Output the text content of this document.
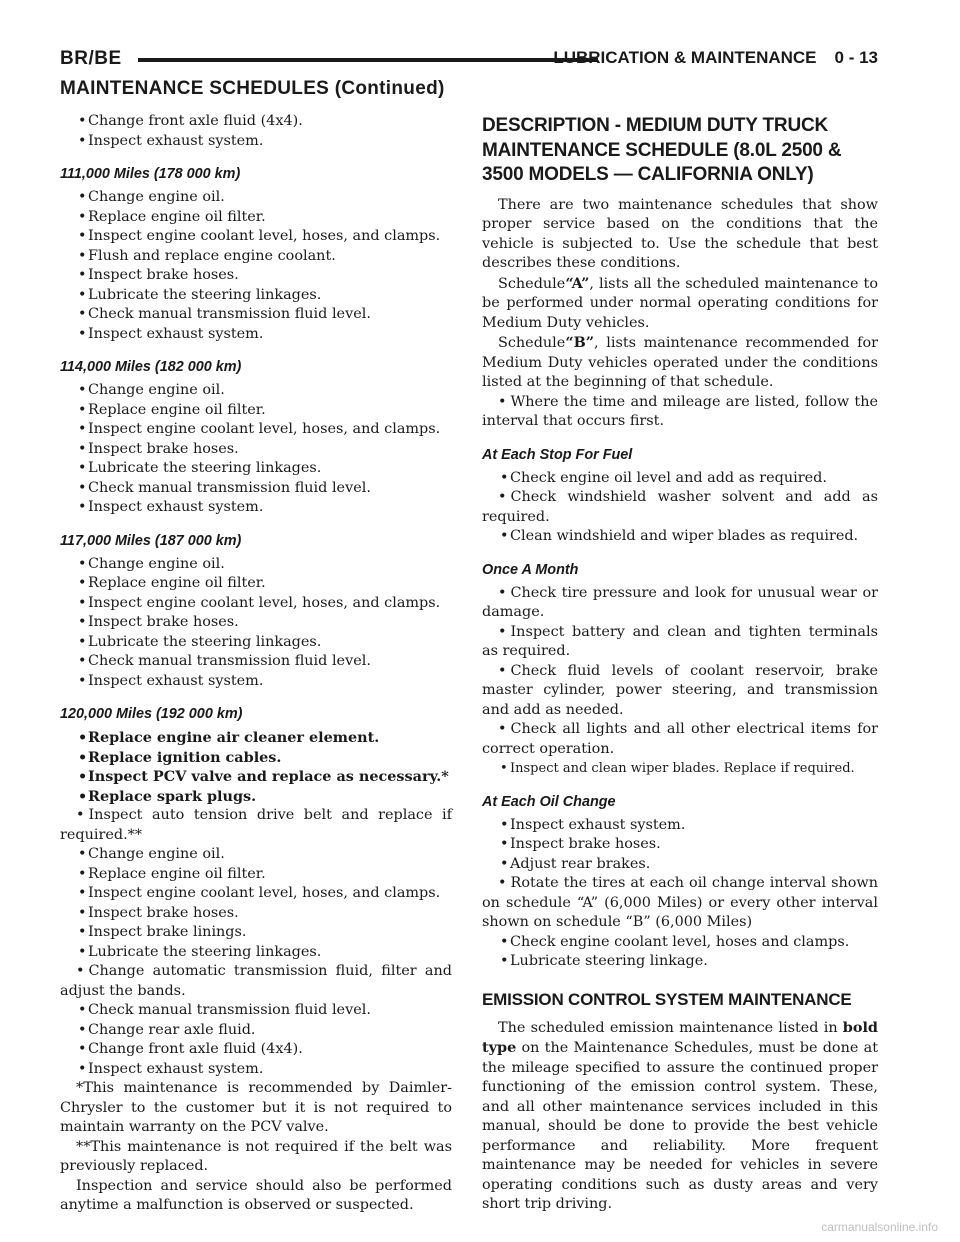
BR/BE	LUBRICATION & MAINTENANCE 0 - 13
MAINTENANCE SCHEDULES (Continued)
• Change front axle fluid (4x4).
• Inspect exhaust system.
111,000 Miles (178 000 km)
• Change engine oil.
• Replace engine oil filter.
• Inspect engine coolant level, hoses, and clamps.
• Flush and replace engine coolant.
• Inspect brake hoses.
• Lubricate the steering linkages.
• Check manual transmission fluid level.
• Inspect exhaust system.
114,000 Miles (182 000 km)
• Change engine oil.
• Replace engine oil filter.
• Inspect engine coolant level, hoses, and clamps.
• Inspect brake hoses.
• Lubricate the steering linkages.
• Check manual transmission fluid level.
• Inspect exhaust system.
117,000 Miles (187 000 km)
• Change engine oil.
• Replace engine oil filter.
• Inspect engine coolant level, hoses, and clamps.
• Inspect brake hoses.
• Lubricate the steering linkages.
• Check manual transmission fluid level.
• Inspect exhaust system.
120,000 Miles (192 000 km)
•Replace engine air cleaner element.
•Replace ignition cables.
•Inspect PCV valve and replace as necessary.*
•Replace spark plugs.
• Inspect auto tension drive belt and replace if required.**
• Change engine oil.
• Replace engine oil filter.
• Inspect engine coolant level, hoses, and clamps.
• Inspect brake hoses.
• Inspect brake linings.
• Lubricate the steering linkages.
• Change automatic transmission fluid, filter and adjust the bands.
• Check manual transmission fluid level.
• Change rear axle fluid.
• Change front axle fluid (4x4).
• Inspect exhaust system.
*This maintenance is recommended by Daimler-Chrysler to the customer but it is not required to maintain warranty on the PCV valve.
**This maintenance is not required if the belt was previously replaced.
Inspection and service should also be performed anytime a malfunction is observed or suspected.
DESCRIPTION - MEDIUM DUTY TRUCK MAINTENANCE SCHEDULE (8.0L 2500 & 3500 MODELS — CALIFORNIA ONLY)
There are two maintenance schedules that show proper service based on the conditions that the vehicle is subjected to. Use the schedule that best describes these conditions.
Schedule“A”, lists all the scheduled maintenance to be performed under normal operating conditions for Medium Duty vehicles.
Schedule“B”, lists maintenance recommended for Medium Duty vehicles operated under the conditions listed at the beginning of that schedule.
• Where the time and mileage are listed, follow the interval that occurs first.
At Each Stop For Fuel
• Check engine oil level and add as required.
• Check windshield washer solvent and add as required.
• Clean windshield and wiper blades as required.
Once A Month
• Check tire pressure and look for unusual wear or damage.
• Inspect battery and clean and tighten terminals as required.
• Check fluid levels of coolant reservoir, brake master cylinder, power steering, and transmission and add as needed.
• Check all lights and all other electrical items for correct operation.
• Inspect and clean wiper blades. Replace if required.
At Each Oil Change
• Inspect exhaust system.
• Inspect brake hoses.
• Adjust rear brakes.
• Rotate the tires at each oil change interval shown on schedule “A” (6,000 Miles) or every other interval shown on schedule “B” (6,000 Miles)
• Check engine coolant level, hoses and clamps.
• Lubricate steering linkage.
EMISSION CONTROL SYSTEM MAINTENANCE
The scheduled emission maintenance listed in bold type on the Maintenance Schedules, must be done at the mileage specified to assure the continued proper functioning of the emission control system. These, and all other maintenance services included in this manual, should be done to provide the best vehicle performance and reliability. More frequent maintenance may be needed for vehicles in severe operating conditions such as dusty areas and very short trip driving.
carmanualsonline.info
